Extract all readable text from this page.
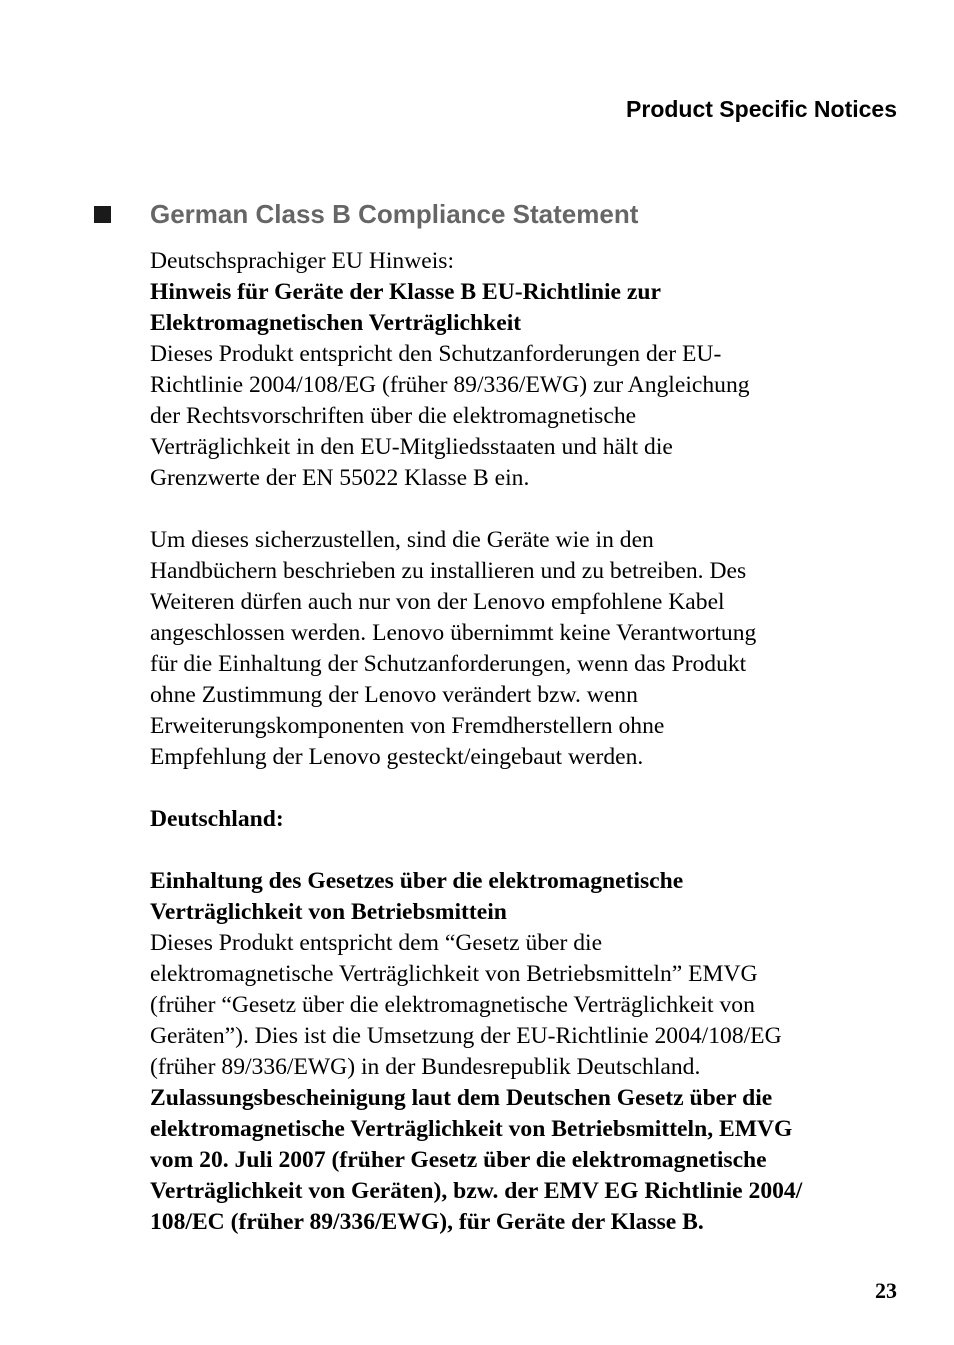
Product Specific Notices
German Class B Compliance Statement
Deutschsprachiger EU Hinweis:
Hinweis für Geräte der Klasse B EU-Richtlinie zur
Elektromagnetischen Verträglichkeit
Dieses Produkt entspricht den Schutzanforderungen der EU-
Richtlinie 2004/108/EG (früher 89/336/EWG) zur Angleichung
der Rechtsvorschriften über die elektromagnetische
Verträglichkeit in den EU-Mitgliedsstaaten und hält die
Grenzwerte der EN 55022 Klasse B ein.
Um dieses sicherzustellen, sind die Geräte wie in den
Handbüchern beschrieben zu installieren und zu betreiben. Des
Weiteren dürfen auch nur von der Lenovo empfohlene Kabel
angeschlossen werden. Lenovo übernimmt keine Verantwortung
für die Einhaltung der Schutzanforderungen, wenn das Produkt
ohne Zustimmung der Lenovo verändert bzw. wenn
Erweiterungskomponenten von Fremdherstellern ohne
Empfehlung der Lenovo gesteckt/eingebaut werden.
Deutschland:
Einhaltung des Gesetzes über die elektromagnetische
Verträglichkeit von Betriebsmittein
Dieses Produkt entspricht dem “Gesetz über die
elektromagnetische Verträglichkeit von Betriebsmitteln” EMVG
(früher “Gesetz über die elektromagnetische Verträglichkeit von
Geräten”). Dies ist die Umsetzung der EU-Richtlinie 2004/108/EG
(früher 89/336/EWG) in der Bundesrepublik Deutschland.
Zulassungsbescheinigung laut dem Deutschen Gesetz über die
elektromagnetische Verträglichkeit von Betriebsmitteln, EMVG
vom 20. Juli 2007 (früher Gesetz über die elektromagnetische
Verträglichkeit von Geräten), bzw. der EMV EG Richtlinie 2004/
108/EC (früher 89/336/EWG), für Geräte der Klasse B.
23
